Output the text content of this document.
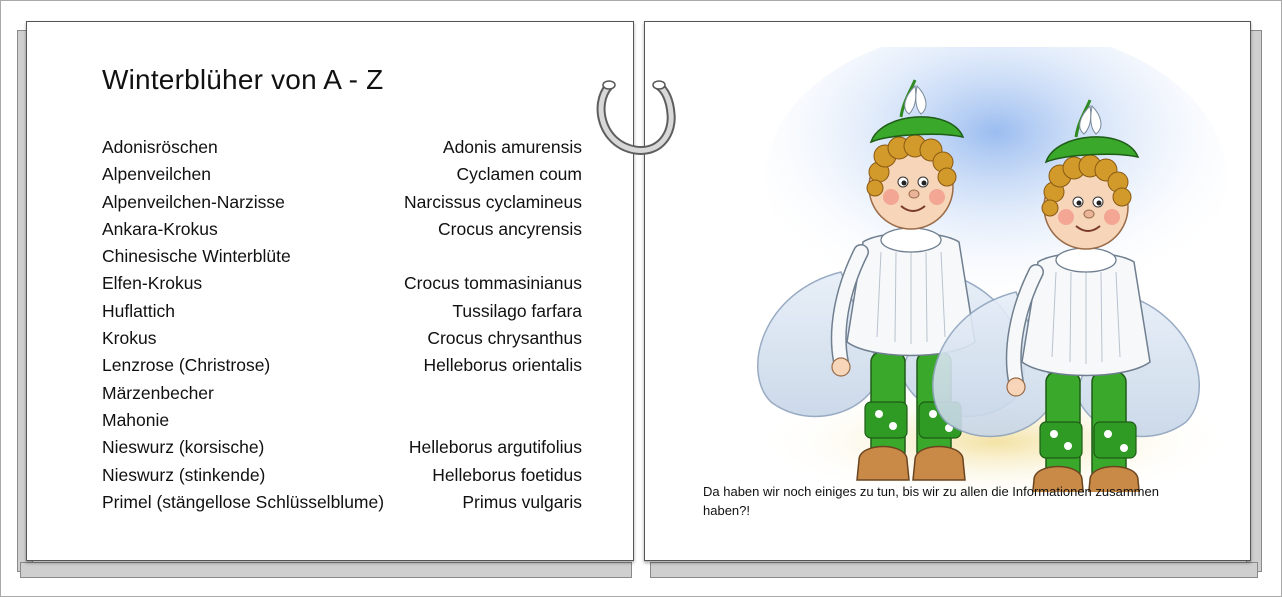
Winterblüher von A - Z
Adonisröschen	Adonis amurensis
Alpenveilchen	Cyclamen coum
Alpenveilchen-Narzisse	Narcissus cyclamineus
Ankara-Krokus	Crocus ancyrensis
Chinesische Winterblüte
Elfen-Krokus	Crocus tommasinianus
Huflattich	Tussilago farfara
Krokus	Crocus chrysanthus
Lenzrose (Christrose)	Helleborus orientalis
Märzenbecher
Mahonie
Nieswurz (korsische)	Helleborus argutifolius
Nieswurz (stinkende)	Helleborus foetidus
Primel (stängellose Schlüsselblume)	Primus vulgaris
Da haben wir noch einiges zu tun, bis wir zu allen die Informationen zusammen haben?!
